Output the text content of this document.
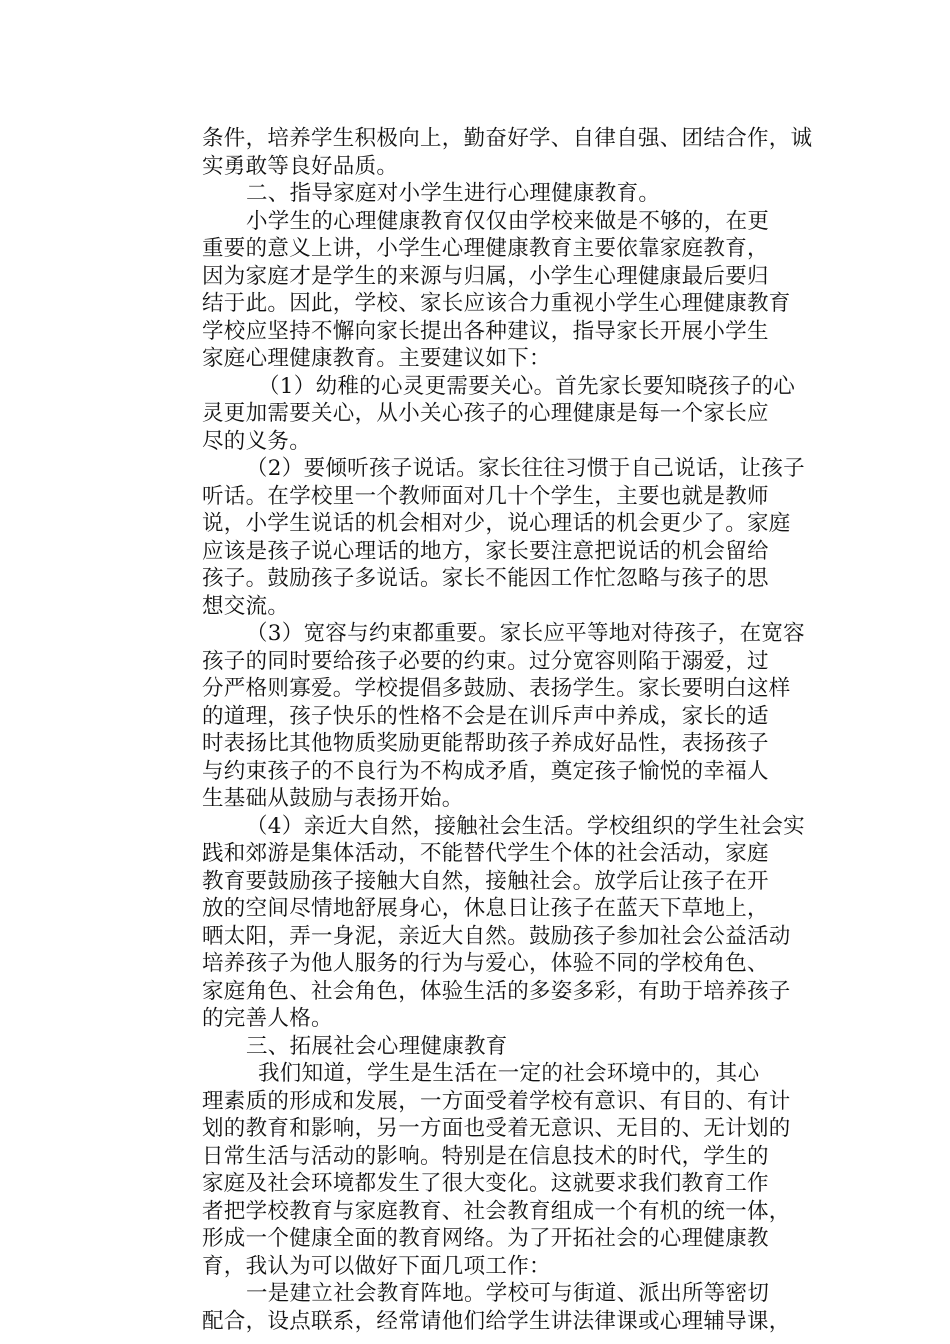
条件，培养学生积极向上，勤奋好学、自律自强、团结合作，诚
实勇敢等良好品质。
二、指导家庭对小学生进行心理健康教育。
小学生的心理健康教育仅仅由学校来做是不够的，在更
重要的意义上讲，小学生心理健康教育主要依靠家庭教育，
因为家庭才是学生的来源与归属，小学生心理健康最后要归
结于此。因此，学校、家长应该合力重视小学生心理健康教育
学校应坚持不懈向家长提出各种建议，指导家长开展小学生
家庭心理健康教育。主要建议如下：
（1）幼稚的心灵更需要关心。首先家长要知晓孩子的心
灵更加需要关心，从小关心孩子的心理健康是每一个家长应
尽的义务。
（2）要倾听孩子说话。家长往往习惯于自己说话，让孩子
听话。在学校里一个教师面对几十个学生，主要也就是教师
说，小学生说话的机会相对少，说心理话的机会更少了。家庭
应该是孩子说心理话的地方，家长要注意把说话的机会留给
孩子。鼓励孩子多说话。家长不能因工作忙忽略与孩子的思
想交流。
（3）宽容与约束都重要。家长应平等地对待孩子，在宽容
孩子的同时要给孩子必要的约束。过分宽容则陷于溺爱，过
分严格则寡爱。学校提倡多鼓励、表扬学生。家长要明白这样
的道理，孩子快乐的性格不会是在训斥声中养成，家长的适
时表扬比其他物质奖励更能帮助孩子养成好品性，表扬孩子
与约束孩子的不良行为不构成矛盾，奠定孩子愉悦的幸福人
生基础从鼓励与表扬开始。
（4）亲近大自然，接触社会生活。学校组织的学生社会实
践和郊游是集体活动，不能替代学生个体的社会活动，家庭
教育要鼓励孩子接触大自然，接触社会。放学后让孩子在开
放的空间尽情地舒展身心，休息日让孩子在蓝天下草地上，
晒太阳，弄一身泥，亲近大自然。鼓励孩子参加社会公益活动
培养孩子为他人服务的行为与爱心，体验不同的学校角色、
家庭角色、社会角色，体验生活的多姿多彩，有助于培养孩子
的完善人格。
三、拓展社会心理健康教育
我们知道，学生是生活在一定的社会环境中的，其心
理素质的形成和发展，一方面受着学校有意识、有目的、有计
划的教育和影响，另一方面也受着无意识、无目的、无计划的
日常生活与活动的影响。特别是在信息技术的时代，学生的
家庭及社会环境都发生了很大变化。这就要求我们教育工作
者把学校教育与家庭教育、社会教育组成一个有机的统一体，
形成一个健康全面的教育网络。为了开拓社会的心理健康教
育，我认为可以做好下面几项工作：
一是建立社会教育阵地。学校可与街道、派出所等密切
配合，设点联系，经常请他们给学生讲法律课或心理辅导课，
